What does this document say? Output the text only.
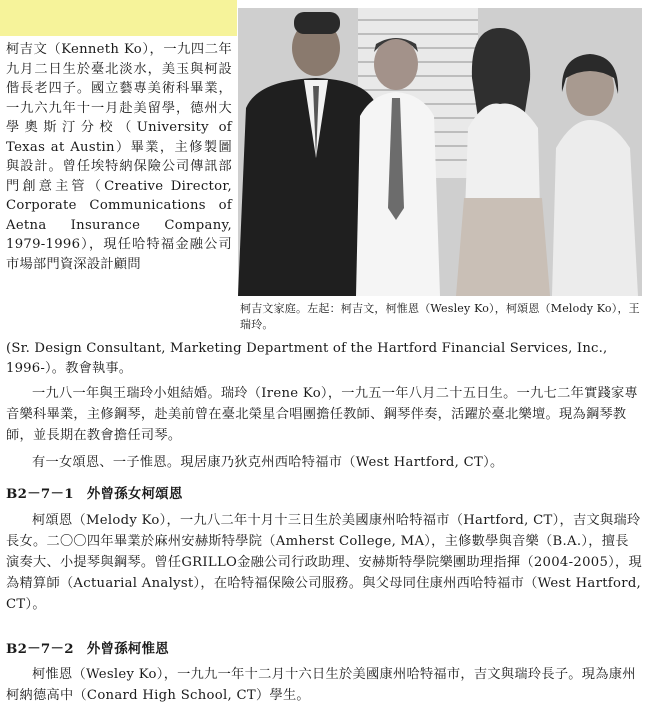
柯吉文家庭。左起：柯吉文，柯惟恩（Wesley Ko），柯頌恩（Melody Ko），王瑞玲。
柯吉文（Kenneth Ko），一九四二年九月二日生於臺北淡水，美玉與柯設偕長老四子。國立藝專美術科畢業，一九六九年十一月赴美留學，德州大學奧斯汀分校（University of Texas at Austin）畢業，主修製圖與設計。曾任埃特納保險公司傳訊部門創意主管（Creative Director, Corporate Communications of Aetna Insurance Company, 1979-1996），現任哈特福金融公司市場部門資深設計顧問
(Sr. Design Consultant, Marketing Department of the Hartford Financial Services, Inc., 1996-）。教會執事。

一九八一年與王瑞玲小姐結婚。瑞玲（Irene Ko），一九五一年八月二十五日生。一九七二年實踐家專音樂科畢業，主修鋼琴，赴美前曾在臺北榮星合唱團擔任教師、鋼琴伴奏，活躍於臺北樂壇。現為鋼琴教師，並長期在教會擔任司琴。

有一女頌恩、一子惟恩。現居康乃狄克州西哈特福市（West Hartford, CT）。

B2－7－1 外曾孫女柯頌恩

柯頌恩（Melody Ko），一九八二年十月十三日生於美國康州哈特福市（Hartford, CT），吉文與瑞玲長女。二〇〇四年畢業於麻州安赫斯特學院（Amherst College, MA），主修數學與音樂（B.A.），擅長演奏大、小提琴與鋼琴。曾任GRILLO金融公司行政助理、安赫斯特學院樂團助理指揮（2004-2005），現為精算師（Actuarial Analyst），在哈特福保險公司服務。與父母同住康州西哈特福市（West Hartford, CT）。

B2－7－2 外曾孫柯惟恩

柯惟恩（Wesley Ko），一九九一年十二月十六日生於美國康州哈特福市，吉文與瑞玲長子。現為康州柯納德高中（Conard High School, CT）學生。
